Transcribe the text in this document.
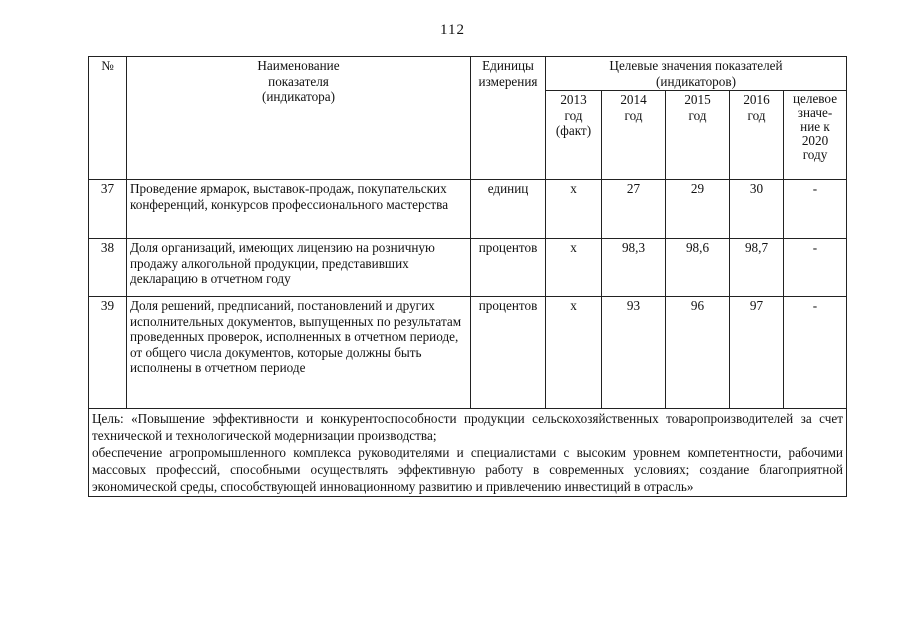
112
№	Наименование
показателя
(индикатора)	Единицы
измерения	Целевые значения показателей
(индикаторов)				
			2013
год
(факт)	2014
год	2015
год	2016
год	целевое
значе-
ние к
2020
году
37	Проведение ярмарок, выставок-продаж, покупательских конференций, конкурсов профессионального мастерства	единиц	х	27	29	30	-
38	Доля организаций, имеющих лицензию на розничную продажу алкогольной продукции, представивших декларацию в отчетном году	процентов	х	98,3	98,6	98,7	-
39	Доля решений, предписаний, постановлений и других исполнительных документов, выпущенных по результатам проведенных проверок, исполненных в отчетном периоде, от общего числа документов, которые должны быть исполнены в отчетном периоде	процентов	х	93	96	97	-

Цель: «Повышение эффективности и конкурентоспособности продукции сельскохозяйственных товаропроизводителей за счет технической и технологической модернизации производства;
обеспечение агропромышленного комплекса руководителями и специалистами с высоким уровнем компетентности, рабочими массовых профессий, способными осуществлять эффективную работу в современных условиях; создание благоприятной экономической среды, способствующей инновационному развитию и привлечению инвестиций в отрасль»							
